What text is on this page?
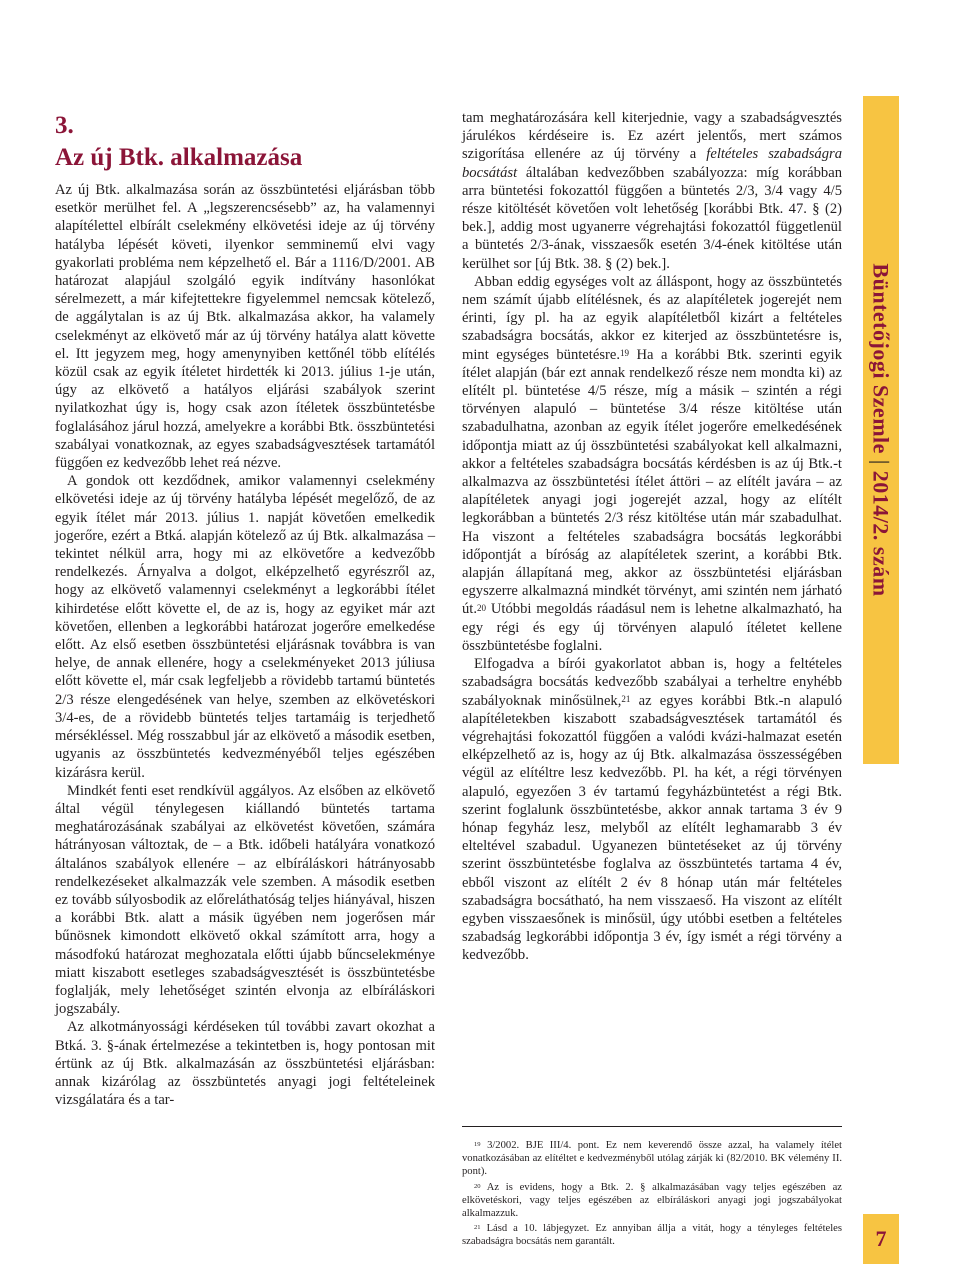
3.
Az új Btk. alkalmazása

Az új Btk. alkalmazása során az összbüntetési eljárásban több esetkör merülhet fel. A „legszerencsésebb” az, ha valamennyi alapítélettel elbírált cselekmény elkövetési ideje az új törvény hatályba lépését követi, ilyenkor semminemű elvi vagy gyakorlati probléma nem képzelhető el. Bár a 1116/D/2001. AB határozat alapjául szolgáló egyik indítvány hasonlókat sérelmezett, a már kifejtettekre figyelemmel nemcsak kötelező, de aggálytalan is az új Btk. alkalmazása akkor, ha valamely cselekményt az elkövető már az új törvény hatálya alatt követte el. Itt jegyzem meg, hogy amenynyiben kettőnél több elítélés közül csak az egyik ítéletet hirdették ki 2013. július 1-je után, úgy az elkövető a hatályos eljárási szabályok szerint nyilatkozhat úgy is, hogy csak azon ítéletek összbüntetésbe foglalásához járul hozzá, amelyekre a korábbi Btk. összbüntetési szabályai vonatkoznak, az egyes szabadságvesztések tartamától függően ez kedvezőbb lehet reá nézve.

A gondok ott kezdődnek, amikor valamennyi cselekmény elkövetési ideje az új törvény hatályba lépését megelőző, de az egyik ítélet már 2013. július 1. napját követően emelkedik jogerőre, ezért a Btká. alapján kötelező az új Btk. alkalmazása – tekintet nélkül arra, hogy mi az elkövetőre a kedvezőbb rendelkezés. Árnyalva a dolgot, elképzelhető egyrészről az, hogy az elkövető valamennyi cselekményt a legkorábbi ítélet kihirdetése előtt követte el, de az is, hogy az egyiket már azt követően, ellenben a legkorábbi határozat jogerőre emelkedése előtt. Az első esetben összbüntetési eljárásnak továbbra is van helye, de annak ellenére, hogy a cselekményeket 2013 júliusa előtt követte el, már csak legfeljebb a rövidebb tartamú büntetés 2/3 része elengedésének van helye, szemben az elkövetéskori 3/4-es, de a rövidebb büntetés teljes tartamáig is terjedhető mérsékléssel. Még rosszabbul jár az elkövető a második esetben, ugyanis az összbüntetés kedvezményéből teljes egészében kizárásra kerül.

Mindkét fenti eset rendkívül aggályos. Az elsőben az elkövető által végül ténylegesen kiállandó büntetés tartama meghatározásának szabályai az elkövetést követően, számára hátrányosan változtak, de – a Btk. időbeli hatályára vonatkozó általános szabályok ellenére – az elbíráláskori hátrányosabb rendelkezéseket alkalmazzák vele szemben. A második esetben ez tovább súlyosbodik az előreláthatóság teljes hiányával, hiszen a korábbi Btk. alatt a másik ügyében nem jogerősen már bűnösnek kimondott elkövető okkal számított arra, hogy a másodfokú határozat meghozatala előtti újabb bűncselekménye miatt kiszabott esetleges szabadságvesztését is összbüntetésbe foglalják, mely lehetőséget szintén elvonja az elbíráláskori jogszabály.

Az alkotmányossági kérdéseken túl további zavart okozhat a Btká. 3. §-ának értelmezése a tekintetben is, hogy pontosan mit értünk az új Btk. alkalmazásán az összbüntetési eljárásban: annak kizárólag az összbüntetés anyagi jogi feltételeinek vizsgálatára és a tar-

tam meghatározására kell kiterjednie, vagy a szabadságvesztés járulékos kérdéseire is. Ez azért jelentős, mert számos szigorítása ellenére az új törvény a feltételes szabadságra bocsátást általában kedvezőbben szabályozza: míg korábban arra büntetési fokozattól függően a büntetés 2/3, 3/4 vagy 4/5 része kitöltését követően volt lehetőség [korábbi Btk. 47. § (2) bek.], addig most ugyanerre végrehajtási fokozattól függetlenül a büntetés 2/3-ának, visszaesők esetén 3/4-ének kitöltése után kerülhet sor [új Btk. 38. § (2) bek.].

Abban eddig egységes volt az álláspont, hogy az összbüntetés nem számít újabb elítélésnek, és az alapítéletek jogerejét nem érinti, így pl. ha az egyik alapítéletből kizárt a feltételes szabadságra bocsátás, akkor ez kiterjed az összbüntetésre is, mint egységes büntetésre.$^{19}$ Ha a korábbi Btk. szerinti egyik ítélet alapján (bár ezt annak rendelkező része nem mondta ki) az elítélt pl. büntetése 4/5 része, míg a másik – szintén a régi törvényen alapuló – büntetése 3/4 része kitöltése után szabadulhatna, azonban az egyik ítélet jogerőre emelkedésének időpontja miatt az új összbüntetési szabályokat kell alkalmazni, akkor a feltételes szabadságra bocsátás kérdésben is az új Btk.-t alkalmazva az összbüntetési ítélet áttöri – az elítélt javára – az alapítéletek anyagi jogi jogerejét azzal, hogy az elítélt legkorábban a büntetés 2/3 rész kitöltése után már szabadulhat. Ha viszont a feltételes szabadságra bocsátás legkorábbi időpontját a bíróság az alapítéletek szerint, a korábbi Btk. alapján állapítaná meg, akkor az összbüntetési eljárásban egyszerre alkalmazná mindkét törvényt, ami szintén nem járható út.$^{20}$ Utóbbi megoldás ráadásul nem is lehetne alkalmazható, ha egy régi és egy új törvényen alapuló ítéletet kellene összbüntetésbe foglalni.

Elfogadva a bírói gyakorlatot abban is, hogy a feltételes szabadságra bocsátás kedvezőbb szabályai a terheltre enyhébb szabályoknak minősülnek,$^{21}$ az egyes korábbi Btk.-n alapuló alapítéletekben kiszabott szabadságvesztések tartamától és végrehajtási fokozattól függően a valódi kvázi-halmazat esetén elképzelhető az is, hogy az új Btk. alkalmazása összességében végül az elítéltre lesz kedvezőbb. Pl. ha két, a régi törvényen alapuló, egyezően 3 év tartamú fegyházbüntetést a régi Btk. szerint foglalunk összbüntetésbe, akkor annak tartama 3 év 9 hónap fegyház lesz, melyből az elítélt leghamarabb 3 év elteltével szabadul. Ugyanezen büntetéseket az új törvény szerint összbüntetésbe foglalva az összbüntetés tartama 4 év, ebből viszont az elítélt 2 év 8 hónap után már feltételes szabadságra bocsátható, ha nem visszaeső. Ha viszont az elítélt egyben visszaesőnek is minősül, úgy utóbbi esetben a feltételes szabadság legkorábbi időpontja 3 év, így ismét a régi törvény a kedvezőbb.

$^{19}$ 3/2002. BJE III/4. pont. Ez nem keverendő össze azzal, ha valamely ítélet vonatkozásában az elítéltet e kedvezményből utólag zárják ki (82/2010. BK vélemény II. pont).

$^{20}$ Az is evidens, hogy a Btk. 2. § alkalmazásában vagy teljes egészében az elkövetéskori, vagy teljes egészében az elbíráláskori anyagi jogi jogszabályokat alkalmazzuk.

$^{21}$ Lásd a 10. lábjegyzet. Ez annyiban állja a vitát, hogy a tényleges feltételes szabadságra bocsátás nem garantált.

Büntetőjogi Szemle|2014/2. szám
7
